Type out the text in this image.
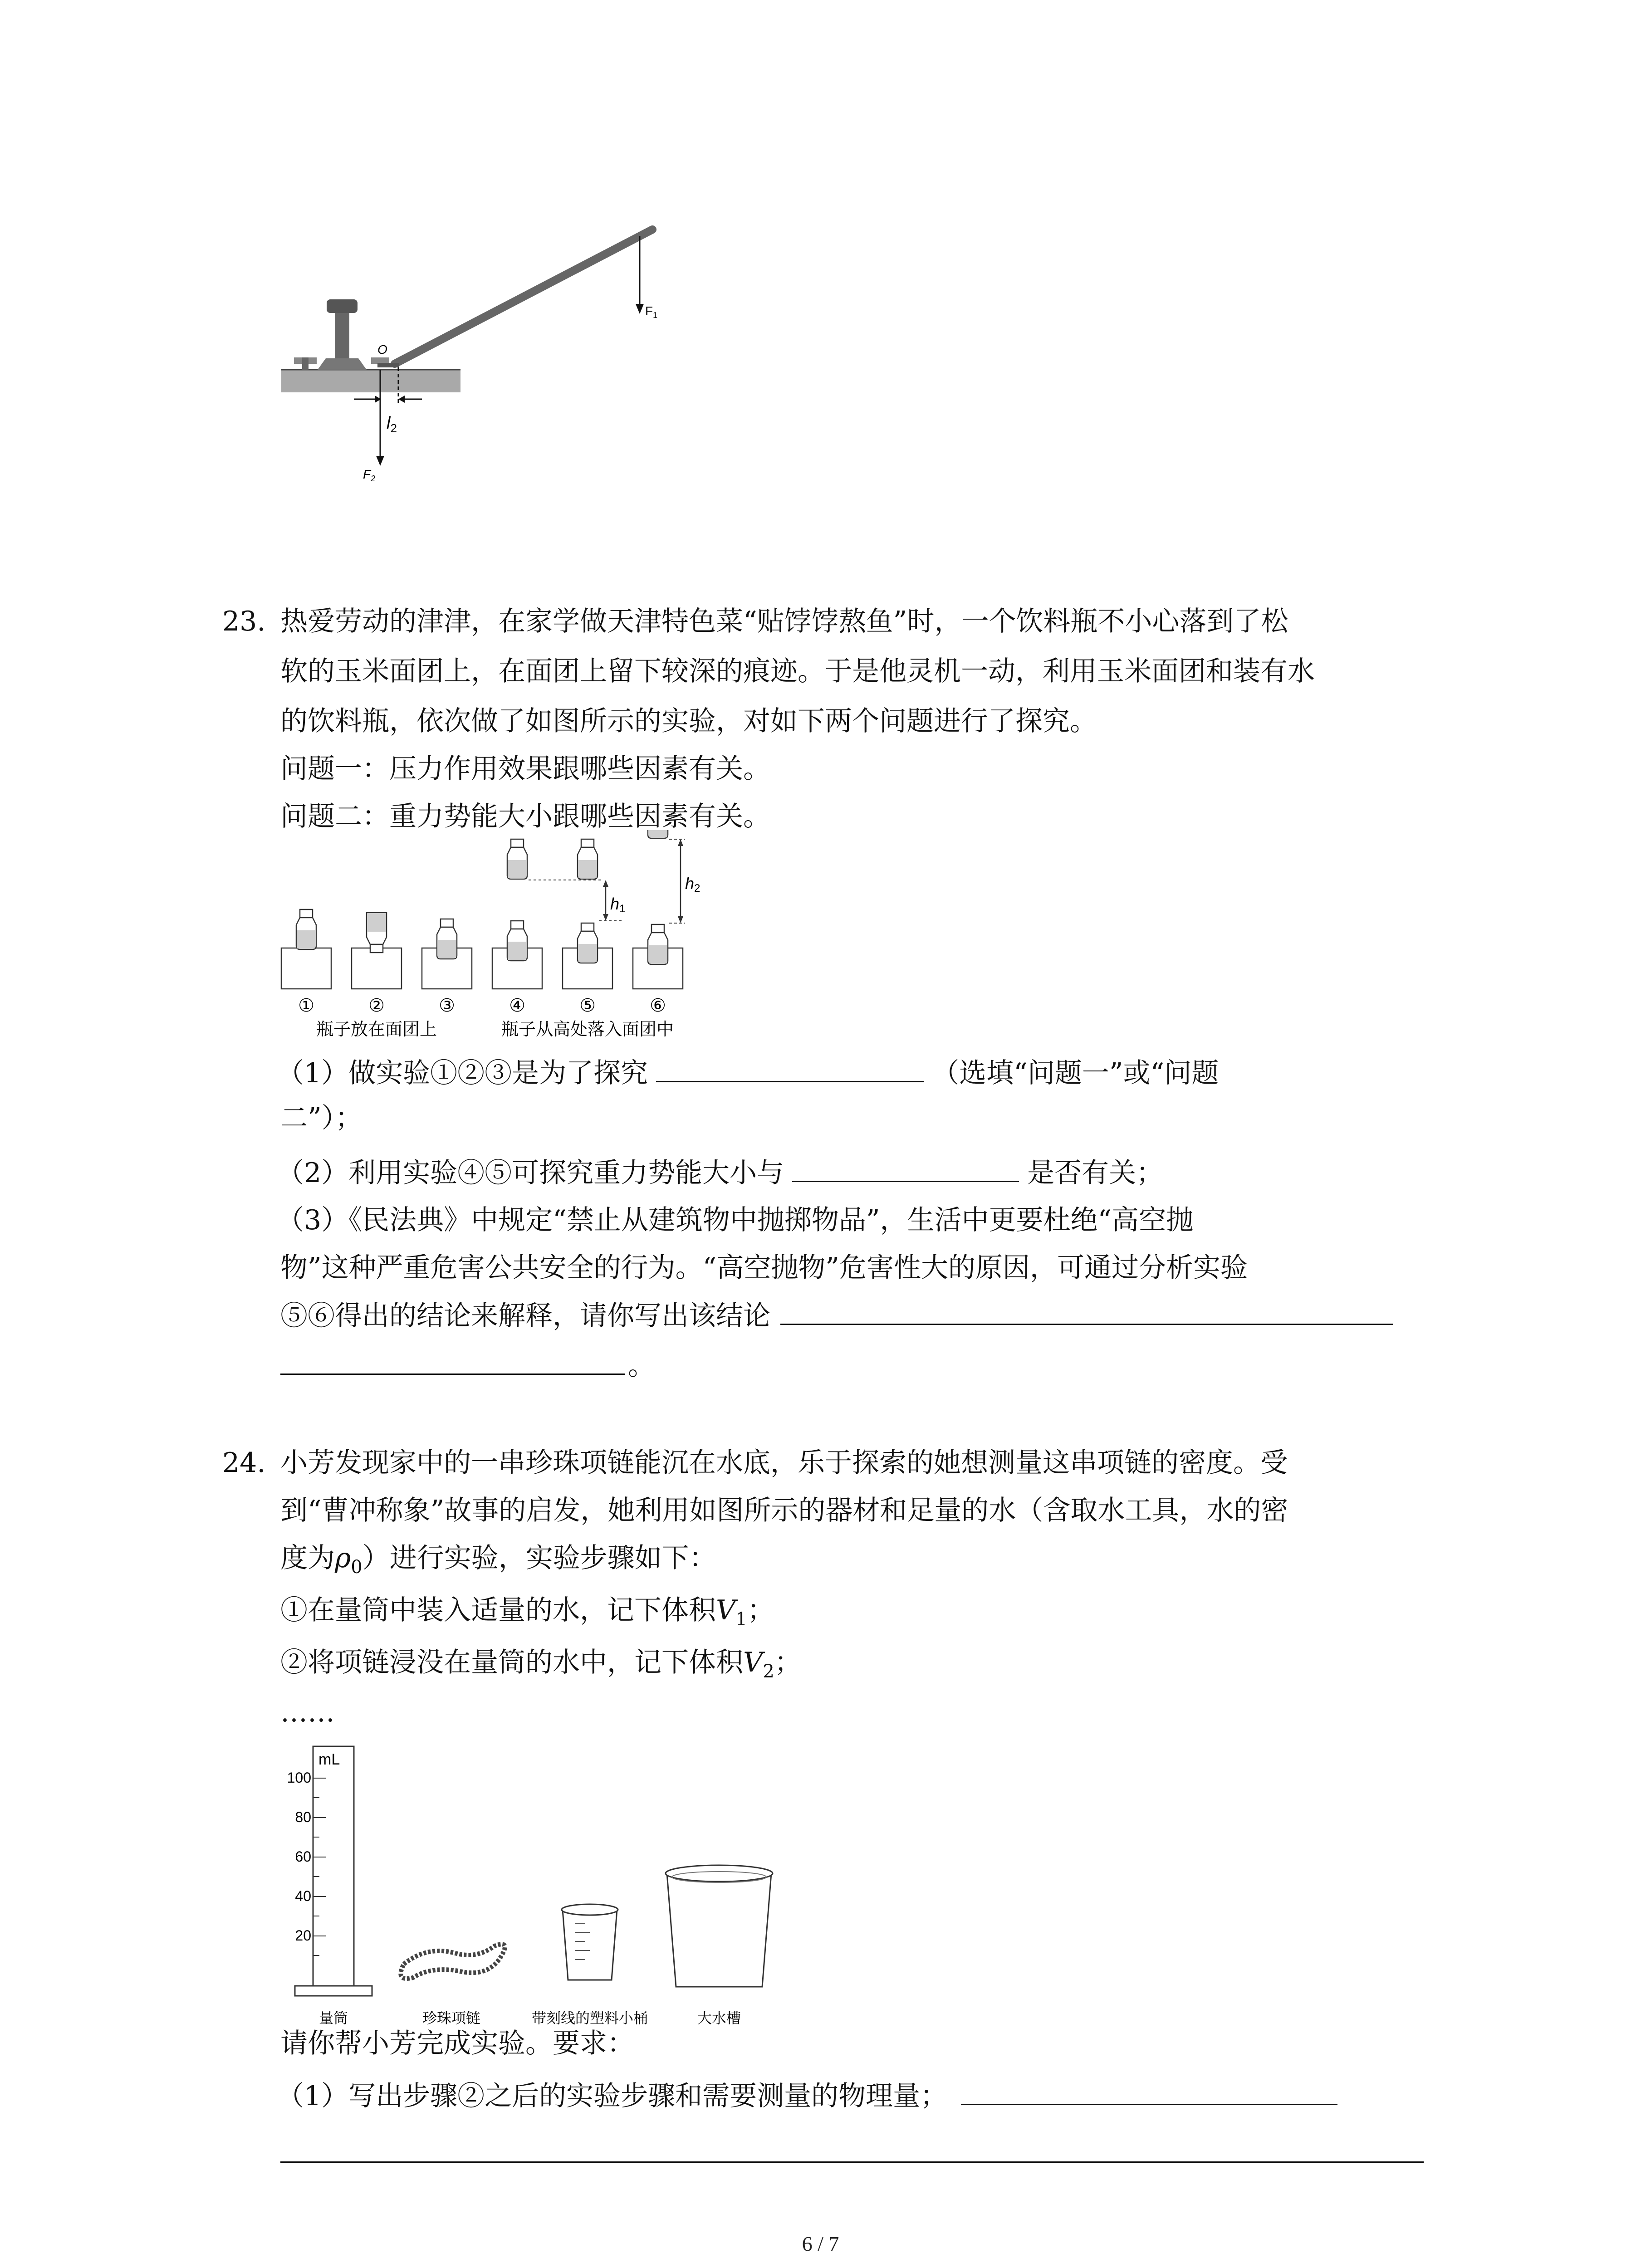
$F_1$
O
$F_2$
$l_2$
23. 热爱劳动的津津，在家学做天津特色菜“贴饽饽熬鱼”时，一个饮料瓶不小心落到了松
软的玉米面团上，在面团上留下较深的痕迹。于是他灵机一动，利用玉米面团和装有水
的饮料瓶，依次做了如图所示的实验，对如下两个问题进行了探究。
问题一：压力作用效果跟哪些因素有关。
问题二：重力势能大小跟哪些因素有关。
h1
h2
①	②	③	④	⑤	⑥
瓶子放在面团上	瓶子从高处落入面团中
（1）做实验①②③是为了探究	（选填“问题一”或“问题
二”）；
（2）利用实验④⑤可探究重力势能大小与	是否有关；
（3）《民法典》中规定“禁止从建筑物中抛掷物品”，生活中更要杜绝“高空抛
物”这种严重危害公共安全的行为。“高空抛物”危害性大的原因，可通过分析实验
⑤⑥得出的结论来解释，请你写出该结论
。
24. 小芳发现家中的一串珍珠项链能沉在水底，乐于探索的她想测量这串项链的密度。受
到“曹冲称象”故事的启发，她利用如图所示的器材和足量的水（含取水工具，水的密
度为$\rho_0$）进行实验，实验步骤如下：
①在量筒中装入适量的水，记下体积$V_1$；
②将项链浸没在量筒的水中，记下体积$V_2$；
……
mL
100
80
60
40
20
量筒	珍珠项链	带刻线的塑料小桶	大水槽
请你帮小芳完成实验。要求：
（1）写出步骤②之后的实验步骤和需要测量的物理量；
6 / 7
